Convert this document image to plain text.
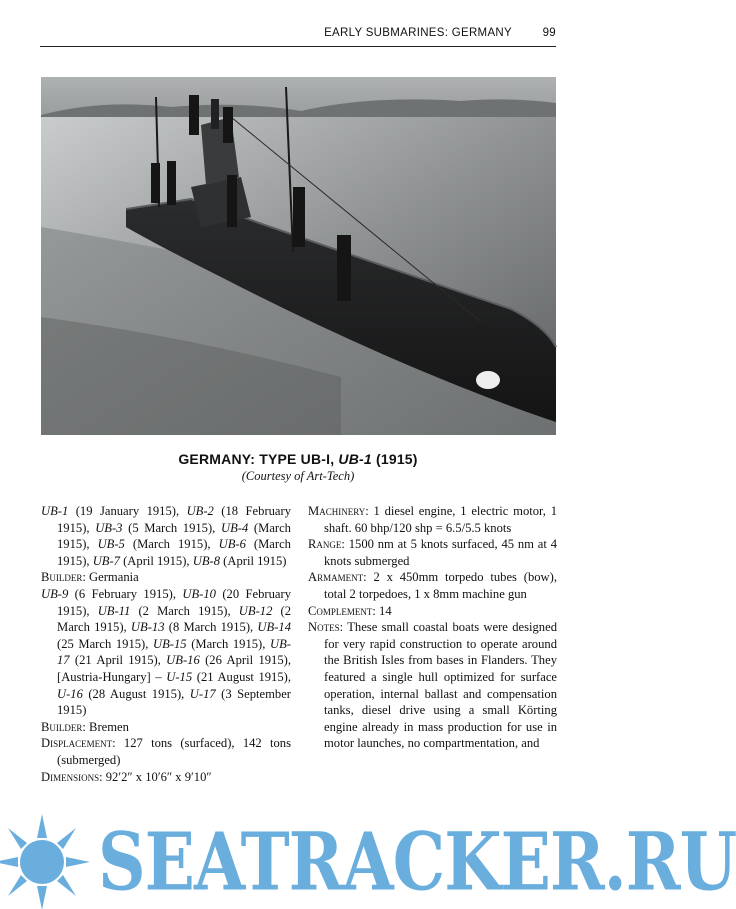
EARLY SUBMARINES: GERMANY	99
GERMANY: TYPE UB-I, UB-1 (1915)
(Courtesy of Art-Tech)

UB-1 (19 January 1915), UB-2 (18 February 1915), UB-3 (5 March 1915), UB-4 (March 1915), UB-5 (March 1915), UB-6 (March 1915), UB-7 (April 1915), UB-8 (April 1915)

Builder: Germania

UB-9 (6 February 1915), UB-10 (20 February 1915), UB-11 (2 March 1915), UB-12 (2 March 1915), UB-13 (8 March 1915), UB-14 (25 March 1915), UB-15 (March 1915), UB-17 (21 April 1915), UB-16 (26 April 1915), [Austria-Hungary] – U-15 (21 August 1915), U-16 (28 August 1915), U-17 (3 September 1915)

Builder: Bremen

Displacement: 127 tons (surfaced), 142 tons (submerged)

Dimensions: 92′2″ x 10′6″ x 9′10″

Machinery: 1 diesel engine, 1 electric motor, 1 shaft. 60 bhp/120 shp = 6.5/5.5 knots

Range: 1500 nm at 5 knots surfaced, 45 nm at 4 knots submerged

Armament: 2 x 450mm torpedo tubes (bow), total 2 torpedoes, 1 x 8mm machine gun

Complement: 14

Notes: These small coastal boats were designed for very rapid construction to operate around the British Isles from bases in Flanders. They featured a single hull optimized for surface operation, internal ballast and compensation tanks, diesel drive using a small Körting engine already in mass production for use in motor launches, no compartmentation, and

SEATRACKER.RU
